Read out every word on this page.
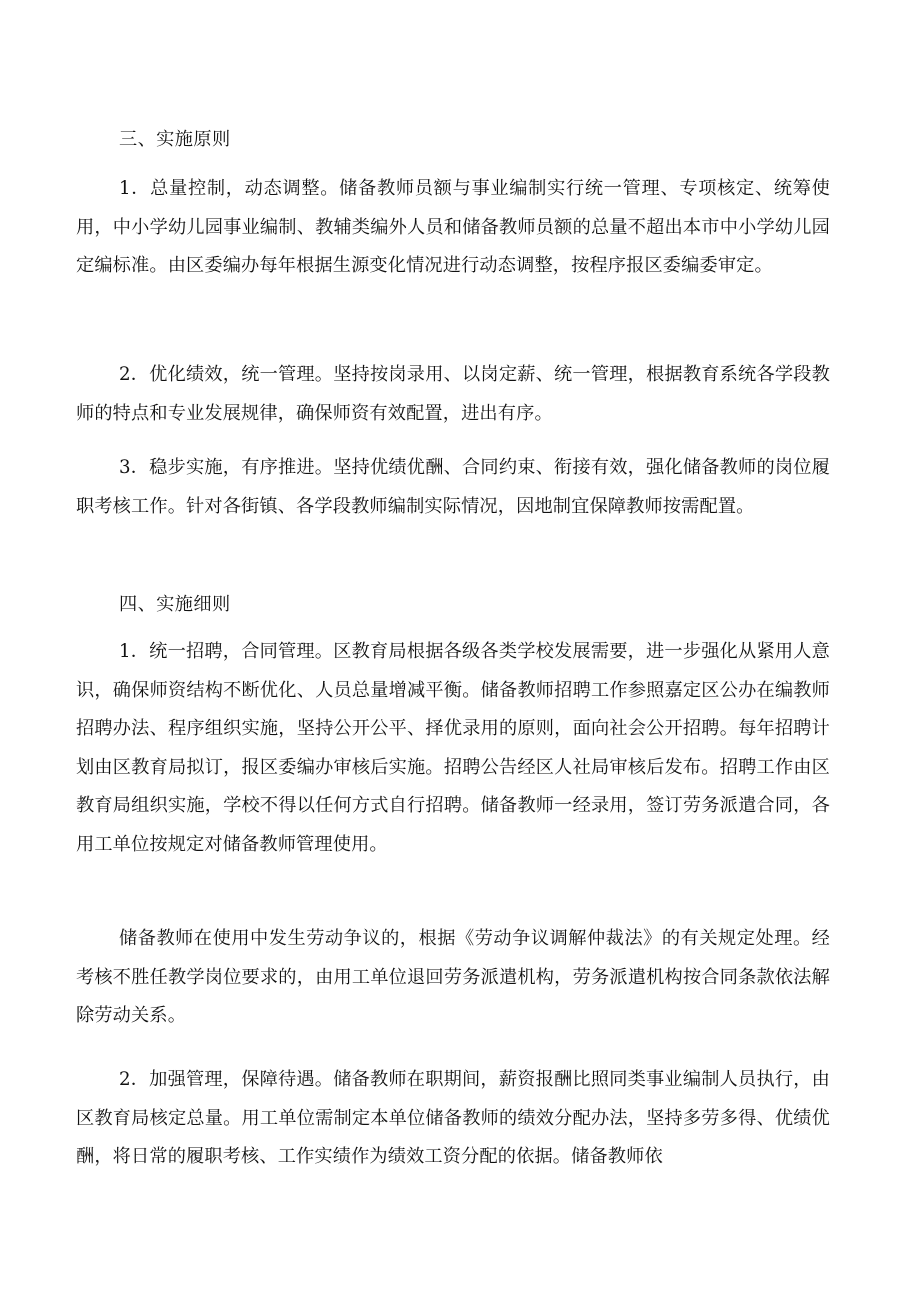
三、实施原则

1．总量控制，动态调整。储备教师员额与事业编制实行统一管理、专项核定、统筹使用，中小学幼儿园事业编制、教辅类编外人员和储备教师员额的总量不超出本市中小学幼儿园定编标准。由区委编办每年根据生源变化情况进行动态调整，按程序报区委编委审定。

2．优化绩效，统一管理。坚持按岗录用、以岗定薪、统一管理，根据教育系统各学段教师的特点和专业发展规律，确保师资有效配置，进出有序。

3．稳步实施，有序推进。坚持优绩优酬、合同约束、衔接有效，强化储备教师的岗位履职考核工作。针对各街镇、各学段教师编制实际情况，因地制宜保障教师按需配置。

四、实施细则

1．统一招聘，合同管理。区教育局根据各级各类学校发展需要，进一步强化从紧用人意识，确保师资结构不断优化、人员总量增减平衡。储备教师招聘工作参照嘉定区公办在编教师招聘办法、程序组织实施，坚持公开公平、择优录用的原则，面向社会公开招聘。每年招聘计划由区教育局拟订，报区委编办审核后实施。招聘公告经区人社局审核后发布。招聘工作由区教育局组织实施，学校不得以任何方式自行招聘。储备教师一经录用，签订劳务派遣合同，各用工单位按规定对储备教师管理使用。

储备教师在使用中发生劳动争议的，根据《劳动争议调解仲裁法》的有关规定处理。经考核不胜任教学岗位要求的，由用工单位退回劳务派遣机构，劳务派遣机构按合同条款依法解除劳动关系。

2．加强管理，保障待遇。储备教师在职期间，薪资报酬比照同类事业编制人员执行，由区教育局核定总量。用工单位需制定本单位储备教师的绩效分配办法，坚持多劳多得、优绩优酬，将日常的履职考核、工作实绩作为绩效工资分配的依据。储备教师依
